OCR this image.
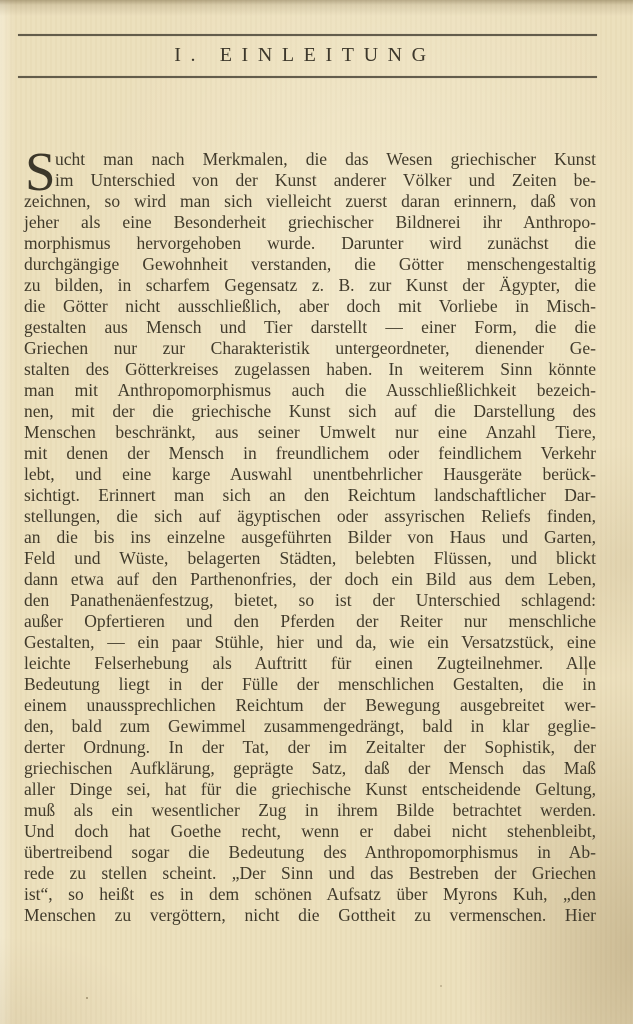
I. EINLEITUNG
S ucht man nach Merkmalen, die das Wesen griechischer Kunst
im Unterschied von der Kunst anderer Völker und Zeiten be-
zeichnen, so wird man sich vielleicht zuerst daran erinnern, daß von
jeher als eine Besonderheit griechischer Bildnerei ihr Anthropo-
morphismus hervorgehoben wurde. Darunter wird zunächst die
durchgängige Gewohnheit verstanden, die Götter menschengestaltig
zu bilden, in scharfem Gegensatz z. B. zur Kunst der Ägypter, die
die Götter nicht ausschließlich, aber doch mit Vorliebe in Misch-
gestalten aus Mensch und Tier darstellt — einer Form, die die
Griechen nur zur Charakteristik untergeordneter, dienender Ge-
stalten des Götterkreises zugelassen haben. In weiterem Sinn könnte
man mit Anthropomorphismus auch die Ausschließlichkeit bezeich-
nen, mit der die griechische Kunst sich auf die Darstellung des
Menschen beschränkt, aus seiner Umwelt nur eine Anzahl Tiere,
mit denen der Mensch in freundlichem oder feindlichem Verkehr
lebt, und eine karge Auswahl unentbehrlicher Hausgeräte berück-
sichtigt. Erinnert man sich an den Reichtum landschaftlicher Dar-
stellungen, die sich auf ägyptischen oder assyrischen Reliefs finden,
an die bis ins einzelne ausgeführten Bilder von Haus und Garten,
Feld und Wüste, belagerten Städten, belebten Flüssen, und blickt
dann etwa auf den Parthenonfries, der doch ein Bild aus dem Leben,
den Panathenäenfestzug, bietet, so ist der Unterschied schlagend:
außer Opfertieren und den Pferden der Reiter nur menschliche
Gestalten, — ein paar Stühle, hier und da, wie ein Versatzstück, eine
leichte Felserhebung als Auftritt für einen Zugteilnehmer. Alle
Bedeutung liegt in der Fülle der menschlichen Gestalten, die in
einem unaussprechlichen Reichtum der Bewegung ausgebreitet wer-
den, bald zum Gewimmel zusammengedrängt, bald in klar geglie-
derter Ordnung. In der Tat, der im Zeitalter der Sophistik, der
griechischen Aufklärung, geprägte Satz, daß der Mensch das Maß
aller Dinge sei, hat für die griechische Kunst entscheidende Geltung,
muß als ein wesentlicher Zug in ihrem Bilde betrachtet werden.
Und doch hat Goethe recht, wenn er dabei nicht stehenbleibt,
übertreibend sogar die Bedeutung des Anthropomorphismus in Ab-
rede zu stellen scheint. „Der Sinn und das Bestreben der Griechen
ist“, so heißt es in dem schönen Aufsatz über Myrons Kuh, „den
Menschen zu vergöttern, nicht die Gottheit zu vermenschen. Hier
